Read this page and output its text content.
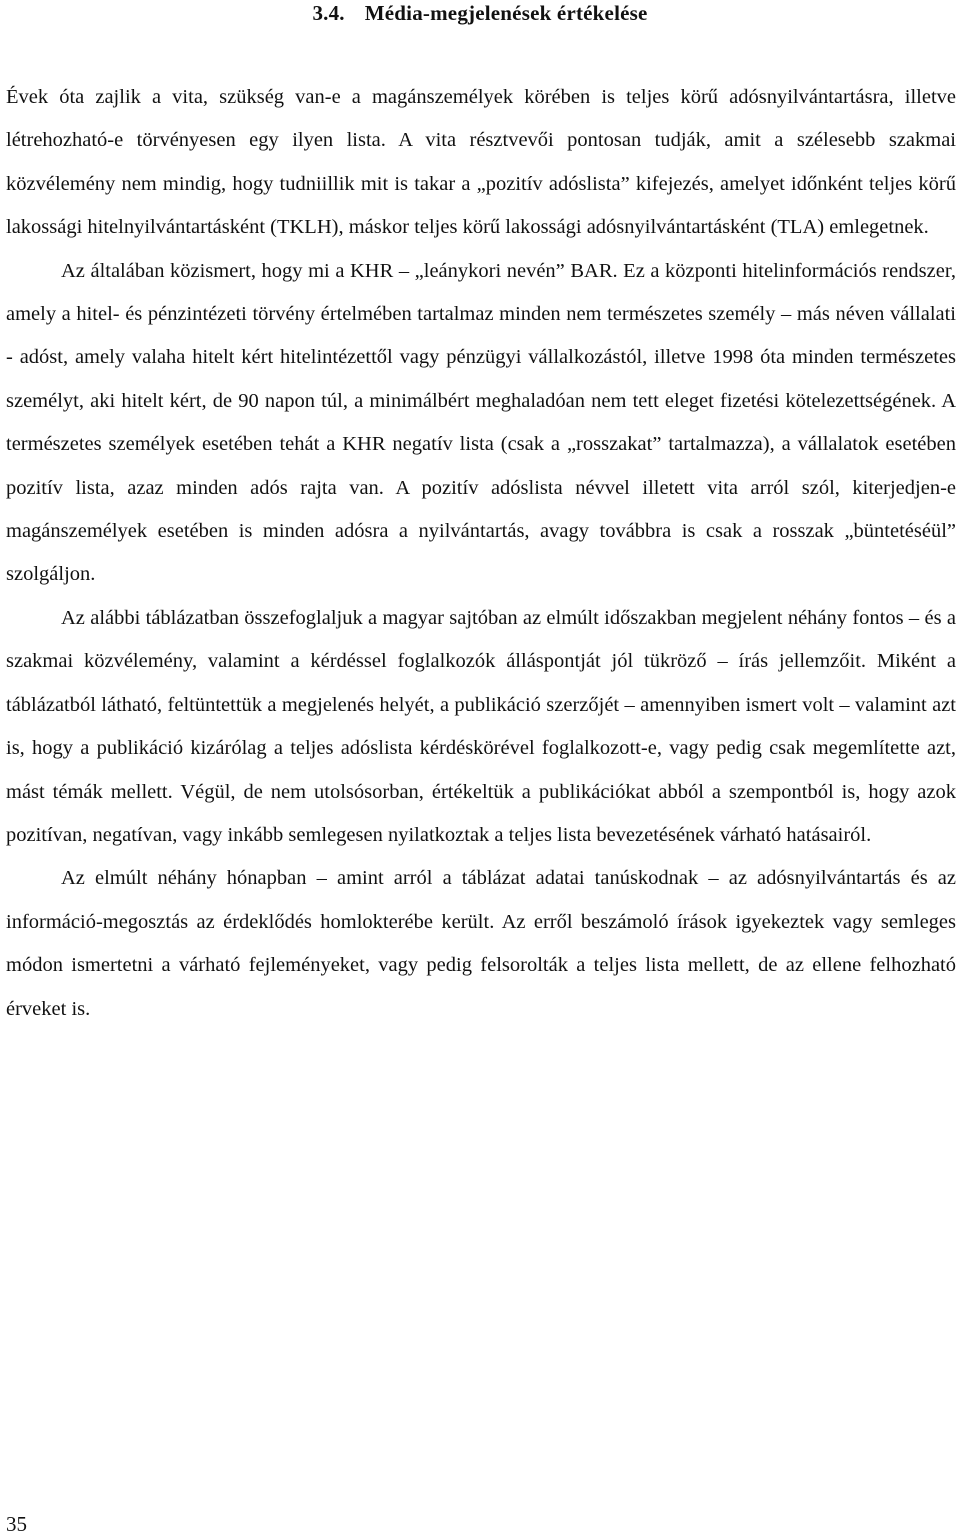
3.4. Média-megjelenések értékelése

Évek óta zajlik a vita, szükség van-e a magánszemélyek körében is teljes körű adósnyilvántartásra, illetve létrehozható-e törvényesen egy ilyen lista. A vita résztvevői pontosan tudják, amit a szélesebb szakmai közvélemény nem mindig, hogy tudniillik mit is takar a „pozitív adóslista” kifejezés, amelyet időnként teljes körű lakossági hitelnyilvántartásként (TKLH), máskor teljes körű lakossági adósnyilvántartásként (TLA) emlegetnek.

Az általában közismert, hogy mi a KHR – „leánykori nevén” BAR. Ez a központi hitelinformációs rendszer, amely a hitel- és pénzintézeti törvény értelmében tartalmaz minden nem természetes személy – más néven vállalati - adóst, amely valaha hitelt kért hitelintézettől vagy pénzügyi vállalkozástól, illetve 1998 óta minden természetes személyt, aki hitelt kért, de 90 napon túl, a minimálbért meghaladóan nem tett eleget fizetési kötelezettségének. A természetes személyek esetében tehát a KHR negatív lista (csak a „rosszakat” tartalmazza), a vállalatok esetében pozitív lista, azaz minden adós rajta van. A pozitív adóslista névvel illetett vita arról szól, kiterjedjen-e magánszemélyek esetében is minden adósra a nyilvántartás, avagy továbbra is csak a rosszak „büntetéséül” szolgáljon.

Az alábbi táblázatban összefoglaljuk a magyar sajtóban az elmúlt időszakban megjelent néhány fontos – és a szakmai közvélemény, valamint a kérdéssel foglalkozók álláspontját jól tükröző – írás jellemzőit. Miként a táblázatból látható, feltüntettük a megjelenés helyét, a publikáció szerzőjét – amennyiben ismert volt – valamint azt is, hogy a publikáció kizárólag a teljes adóslista kérdéskörével foglalkozott-e, vagy pedig csak megemlítette azt, mást témák mellett. Végül, de nem utolsósorban, értékeltük a publikációkat abból a szempontból is, hogy azok pozitívan, negatívan, vagy inkább semlegesen nyilatkoztak a teljes lista bevezetésének várható hatásairól.

Az elmúlt néhány hónapban – amint arról a táblázat adatai tanúskodnak – az adósnyilvántartás és az információ-megosztás az érdeklődés homlokterébe került. Az erről beszámoló írások igyekeztek vagy semleges módon ismertetni a várható fejleményeket, vagy pedig felsorolták a teljes lista mellett, de az ellene felhozható érveket is.

35
